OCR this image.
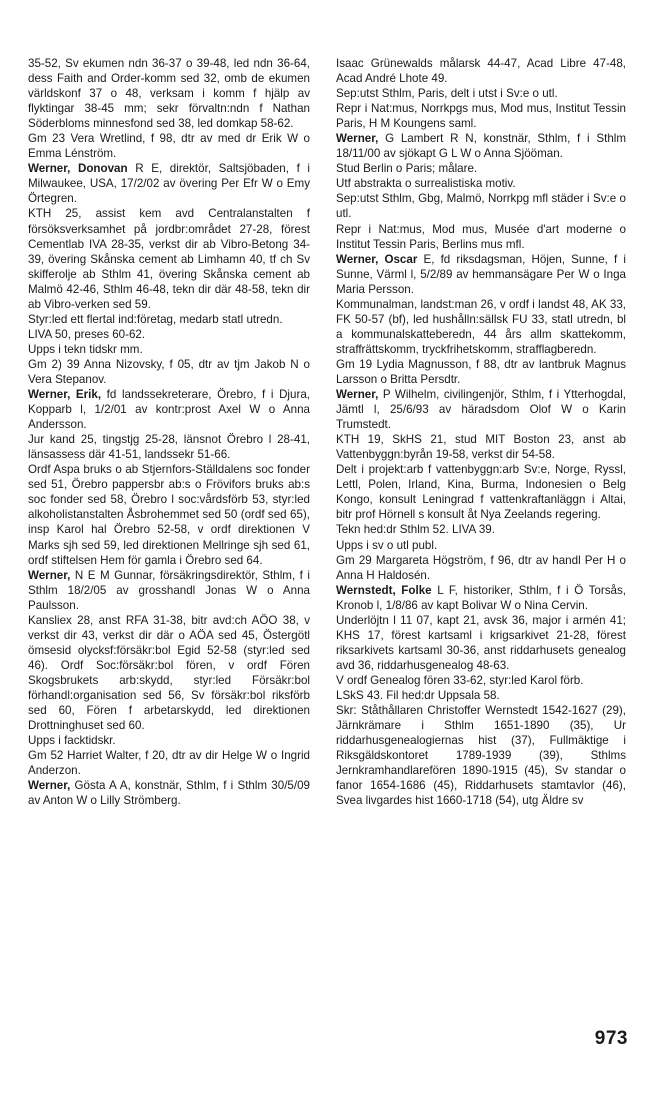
35-52, Sv ekumen ndn 36-37 o 39-48, led ndn 36-64, dess Faith and Order-komm sed 32, omb de ekumen världskonf 37 o 48, verksam i komm f hjälp av flyktingar 38-45 mm; sekr förvaltn:ndn f Nathan Söderbloms minnesfond sed 38, led domkap 58-62.

Gm 23 Vera Wretlind, f 98, dtr av med dr Erik W o Emma Lénström.

Werner, Donovan R E, direktör, Saltsjöbaden, f i Milwaukee, USA, 17/2/02 av övering Per Efr W o Emy Örtegren.

KTH 25, assist kem avd Centralanstalten f försöksverksamhet på jordbr:området 27-28, förest Cementlab IVA 28-35, verkst dir ab Vibro-Betong 34-39, övering Skånska cement ab Limhamn 40, tf ch Sv skifferolje ab Sthlm 41, övering Skånska cement ab Malmö 42-46, Sthlm 46-48, tekn dir där 48-58, tekn dir ab Vibro-verken sed 59.

Styr:led ett flertal ind:företag, medarb statl utredn.

LIVA 50, preses 60-62.

Upps i tekn tidskr mm.

Gm 2) 39 Anna Nizovsky, f 05, dtr av tjm Jakob N o Vera Stepanov.

Werner, Erik, fd landssekreterare, Örebro, f i Djura, Kopparb l, 1/2/01 av kontr:prost Axel W o Anna Andersson.

Jur kand 25, tingstjg 25-28, länsnot Örebro l 28-41, länsassess där 41-51, landssekr 51-66.

Ordf Aspa bruks o ab Stjernfors-Ställdalens soc fonder sed 51, Örebro pappersbr ab:s o Frövifors bruks ab:s soc fonder sed 58, Örebro l soc:vårdsförb 53, styr:led alkoholistanstalten Åsbrohemmet sed 50 (ordf sed 65), insp Karol hal Örebro 52-58, v ordf direktionen V Marks sjh sed 59, led direktionen Mellringe sjh sed 61, ordf stiftelsen Hem för gamla i Örebro sed 64.

Werner, N E M Gunnar, försäkringsdirektör, Sthlm, f i Sthlm 18/2/05 av grosshandl Jonas W o Anna Paulsson.

Kansliex 28, anst RFA 31-38, bitr avd:ch AÖO 38, v verkst dir 43, verkst dir där o AÖA sed 45, Östergötl ömsesid olycksf:försäkr:bol Egid 52-58 (styr:led sed 46). Ordf Soc:försäkr:bol fören, v ordf Fören Skogsbrukets arb:skydd, styr:led Försäkr:bol förhandl:organisation sed 56, Sv försäkr:bol riksförb sed 60, Fören f arbetarskydd, led direktionen Drottninghuset sed 60.

Upps i facktidskr.

Gm 52 Harriet Walter, f 20, dtr av dir Helge W o Ingrid Anderzon.

Werner, Gösta A A, konstnär, Sthlm, f i Sthlm 30/5/09 av Anton W o Lilly Strömberg.

Isaac Grünewalds målarsk 44-47, Acad Libre 47-48, Acad André Lhote 49.

Sep:utst Sthlm, Paris, delt i utst i Sv:e o utl.

Repr i Nat:mus, Norrkpgs mus, Mod mus, Institut Tessin Paris, H M Koungens saml.

Werner, G Lambert R N, konstnär, Sthlm, f i Sthlm 18/11/00 av sjökapt G L W o Anna Sjööman.

Stud Berlin o Paris; målare.

Utf abstrakta o surrealistiska motiv.

Sep:utst Sthlm, Gbg, Malmö, Norrkpg mfl städer i Sv:e o utl.

Repr i Nat:mus, Mod mus, Musée d'art moderne o Institut Tessin Paris, Berlins mus mfl.

Werner, Oscar E, fd riksdagsman, Höjen, Sunne, f i Sunne, Värml l, 5/2/89 av hemmansägare Per W o Inga Maria Persson.

Kommunalman, landst:man 26, v ordf i landst 48, AK 33, FK 50-57 (bf), led hushålln:sällsk FU 33, statl utredn, bl a kommunalskatteberedn, 44 års allm skattekomm, straffrättskomm, tryckfrihetskomm, strafflagberedn.

Gm 19 Lydia Magnusson, f 88, dtr av lantbruk Magnus Larsson o Britta Persdtr.

Werner, P Wilhelm, civilingenjör, Sthlm, f i Ytterhogdal, Jämtl l, 25/6/93 av häradsdom Olof W o Karin Trumstedt.

KTH 19, SkHS 21, stud MIT Boston 23, anst ab Vattenbyggn:byrån 19-58, verkst dir 54-58.

Delt i projekt:arb f vattenbyggn:arb Sv:e, Norge, Ryssl, Lettl, Polen, Irland, Kina, Burma, Indonesien o Belg Kongo, konsult Leningrad f vattenkraftanläggn i Altai, bitr prof Hörnell s konsult åt Nya Zeelands regering.

Tekn hed:dr Sthlm 52. LIVA 39.

Upps i sv o utl publ.

Gm 29 Margareta Högström, f 96, dtr av handl Per H o Anna H Haldosén.

Wernstedt, Folke L F, historiker, Sthlm, f i Ö Torsås, Kronob l, 1/8/86 av kapt Bolivar W o Nina Cervin.

Underlöjtn l 11 07, kapt 21, avsk 36, major i armén 41; KHS 17, förest kartsaml i krigsarkivet 21-28, förest riksarkivets kartsaml 30-36, anst riddarhusets genealog avd 36, riddarhusgenealog 48-63.

V ordf Genealog fören 33-62, styr:led Karol förb.

LSkS 43. Fil hed:dr Uppsala 58.

Skr: Ståthållaren Christoffer Wernstedt 1542-1627 (29), Järnkrämare i Sthlm 1651-1890 (35), Ur riddarhusgenealogiernas hist (37), Fullmäktige i Riksgäldskontoret 1789-1939 (39), Sthlms Jernkramhandlarefören 1890-1915 (45), Sv standar o fanor 1654-1686 (45), Riddarhusets stamtavlor (46), Svea livgardes hist 1660-1718 (54), utg Äldre sv

973
